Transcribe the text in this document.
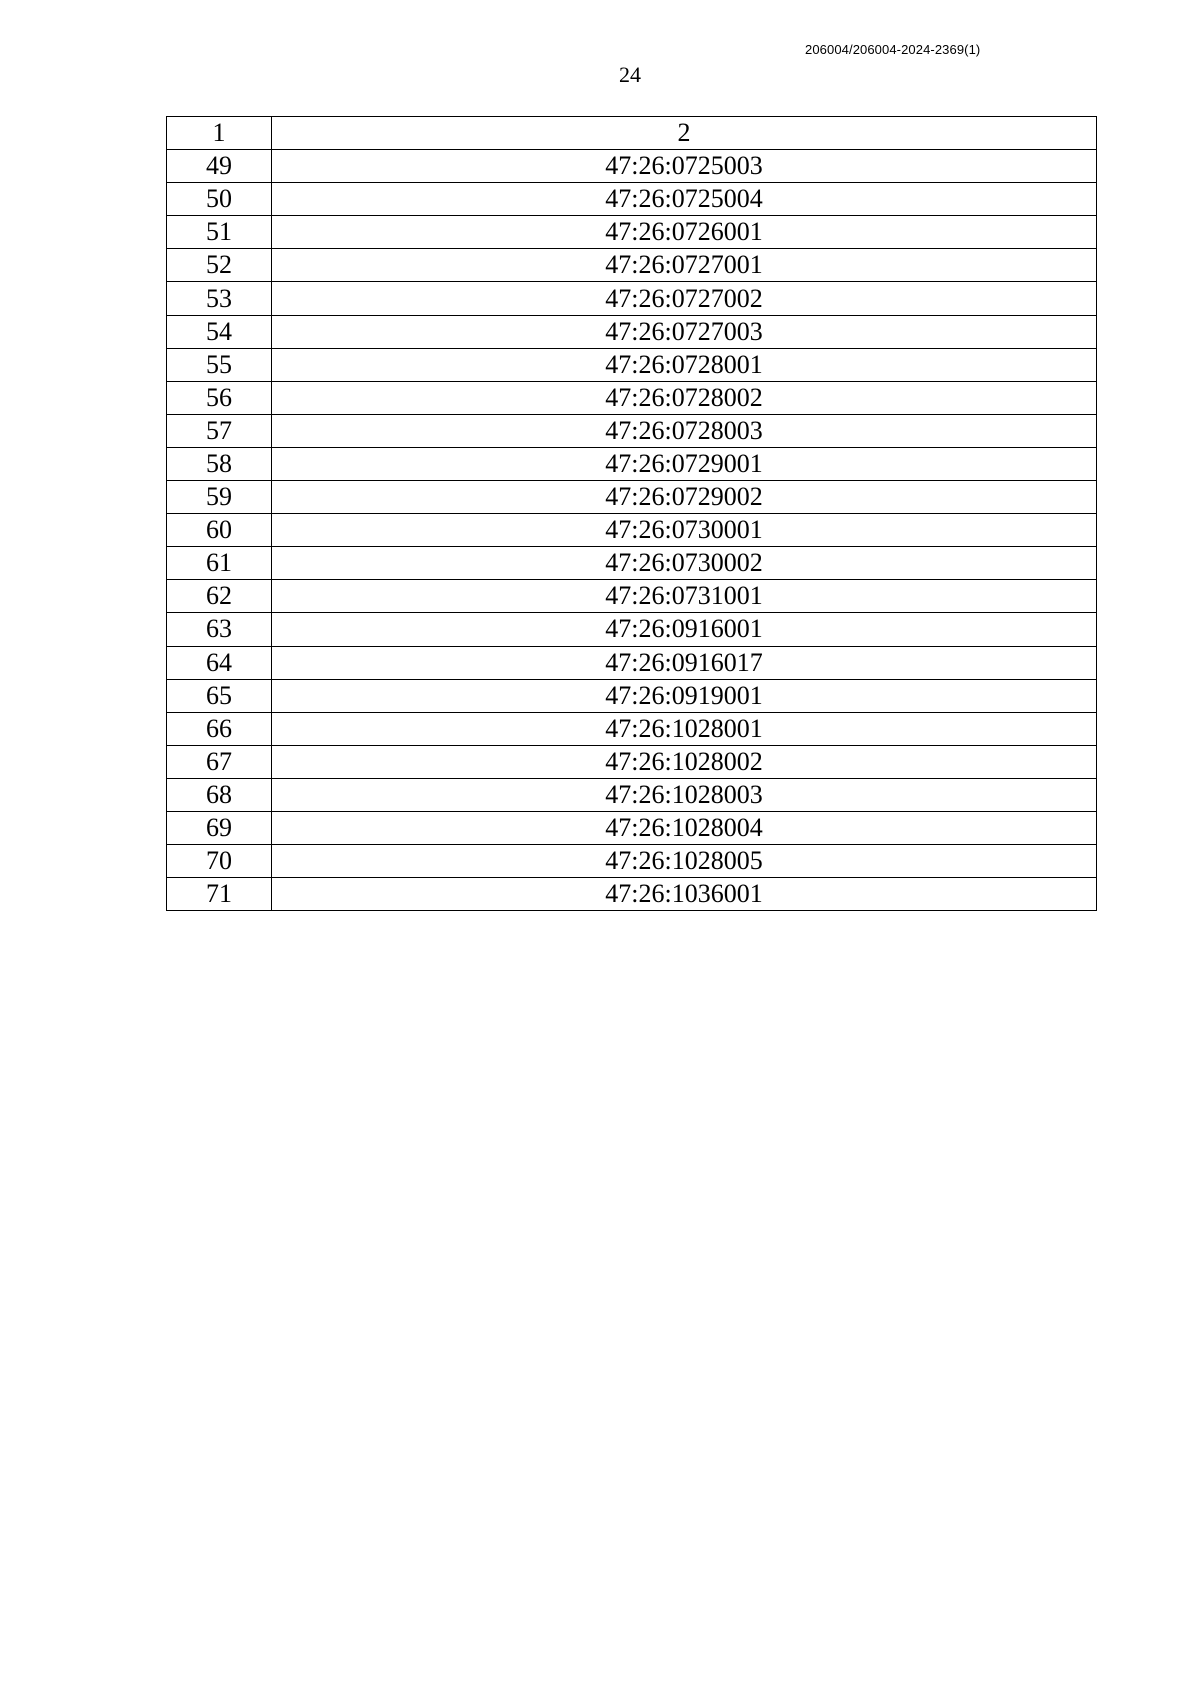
206004/206004-2024-2369(1)
24
1	2
49	47:26:0725003
50	47:26:0725004
51	47:26:0726001
52	47:26:0727001
53	47:26:0727002
54	47:26:0727003
55	47:26:0728001
56	47:26:0728002
57	47:26:0728003
58	47:26:0729001
59	47:26:0729002
60	47:26:0730001
61	47:26:0730002
62	47:26:0731001
63	47:26:0916001
64	47:26:0916017
65	47:26:0919001
66	47:26:1028001
67	47:26:1028002
68	47:26:1028003
69	47:26:1028004
70	47:26:1028005
71	47:26:1036001
